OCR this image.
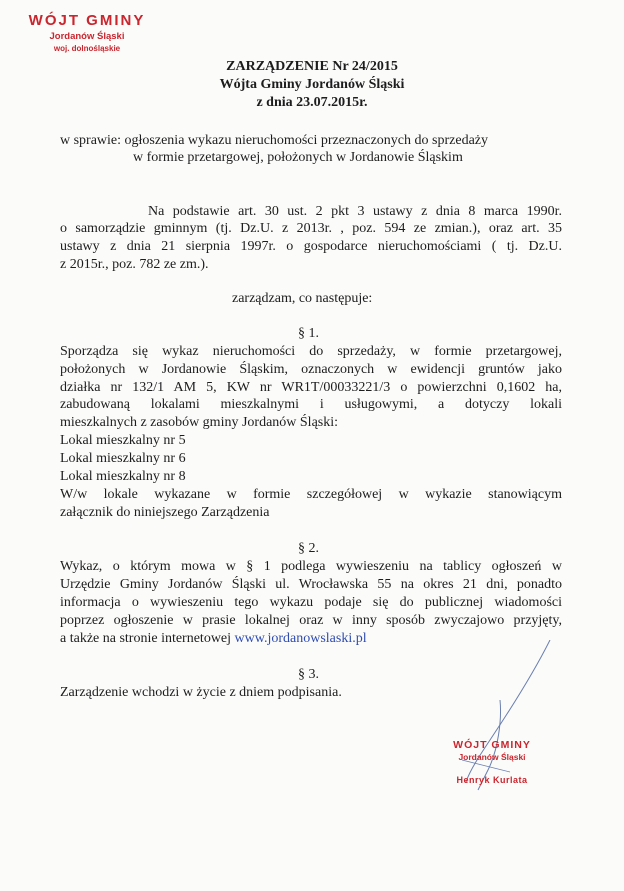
WÓJT GMINY
Jordanów Śląski
woj. dolnośląskie
ZARZĄDZENIE Nr 24/2015
Wójta Gminy Jordanów Śląski
z dnia 23.07.2015r.
w sprawie: ogłoszenia wykazu nieruchomości przeznaczonych do sprzedaży
w formie przetargowej, położonych w Jordanowie Śląskim
Na podstawie art. 30 ust. 2 pkt 3 ustawy z dnia 8 marca 1990r.
o samorządzie gminnym (tj. Dz.U. z 2013r. , poz. 594 ze zmian.), oraz art. 35
ustawy z dnia 21 sierpnia 1997r. o gospodarce nieruchomościami ( tj. Dz.U.
z 2015r., poz. 782 ze zm.).
zarządzam, co następuje:
§ 1.
Sporządza się wykaz nieruchomości do sprzedaży, w formie przetargowej,
położonych w Jordanowie Śląskim, oznaczonych w ewidencji gruntów jako
działka nr 132/1 AM 5, KW nr WR1T/00033221/3 o powierzchni 0,1602 ha,
zabudowaną lokalami mieszkalnymi i usługowymi, a dotyczy lokali
mieszkalnych z zasobów gminy Jordanów Śląski:
Lokal mieszkalny nr 5
Lokal mieszkalny nr 6
Lokal mieszkalny nr 8
W/w lokale wykazane w formie szczegółowej w wykazie stanowiącym
załącznik do niniejszego Zarządzenia
§ 2.
Wykaz, o którym mowa w § 1 podlega wywieszeniu na tablicy ogłoszeń w
Urzędzie Gminy Jordanów Śląski ul. Wrocławska 55 na okres 21 dni, ponadto
informacja o wywieszeniu tego wykazu podaje się do publicznej wiadomości
poprzez ogłoszenie w prasie lokalnej oraz w inny sposób zwyczajowo przyjęty,
a także na stronie internetowej www.jordanowslaski.pl
§ 3.
Zarządzenie wchodzi w życie z dniem podpisania.
WÓJT GMINY
Jordanów Śląski
Henryk Kurlata
